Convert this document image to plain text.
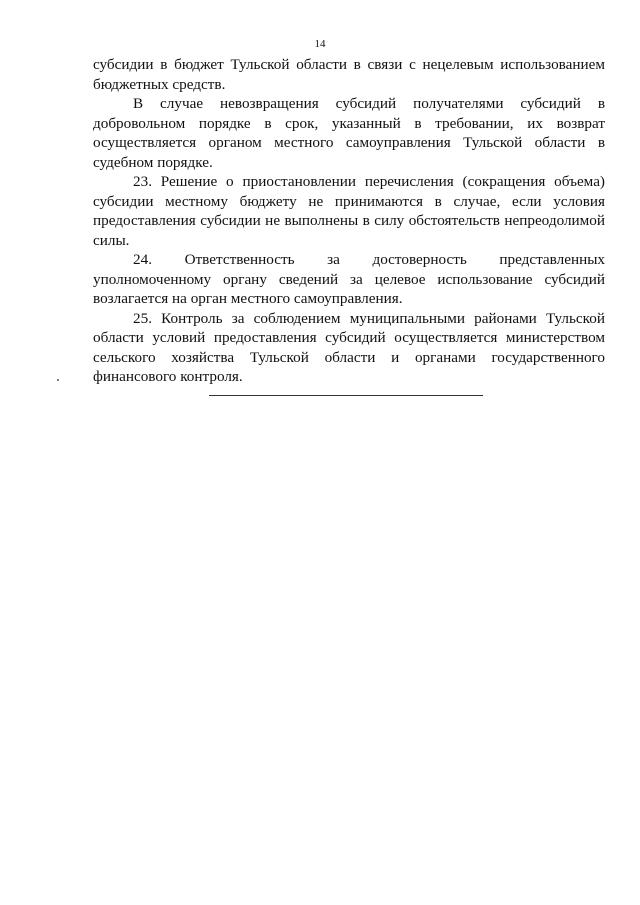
14

субсидии в бюджет Тульской области в связи с нецелевым использованием бюджетных средств.

В случае невозвращения субсидий получателями субсидий в добровольном порядке в срок, указанный в требовании, их возврат осуществляется органом местного самоуправления Тульской области в судебном порядке.

23. Решение о приостановлении перечисления (сокращения объема) субсидии местному бюджету не принимаются в случае, если условия предоставления субсидии не выполнены в силу обстоятельств непреодолимой силы.

24. Ответственность за достоверность представленных уполномоченному органу сведений за целевое использование субсидий возлагается на орган местного самоуправления.

25. Контроль за соблюдением муниципальными районами Тульской области условий предоставления субсидий осуществляется министерством сельского хозяйства Тульской области и органами государственного финансового контроля.
